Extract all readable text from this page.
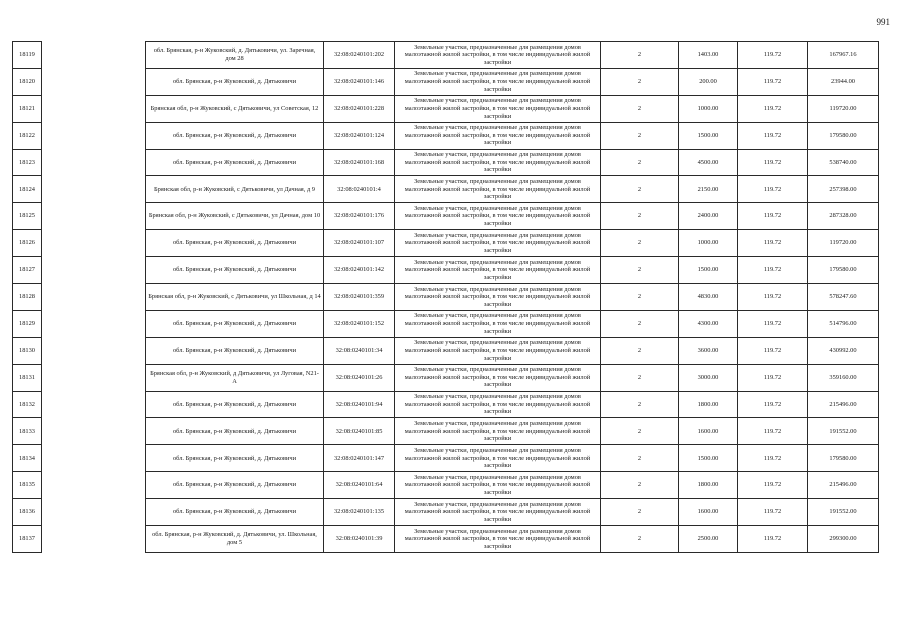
991
18119		обл. Брянская, р-н Жуковский, д. Дятьковичи, ул. Заречная, дом 28	32:08:0240101:202	Земельные участки, предназначенные для размещения домов малоэтажной жилой застройки, в том числе индивидуальной жилой застройки	2	1403.00	119.72	167967.16
18120		обл. Брянская, р-н Жуковский, д. Дятьковичи	32:08:0240101:146	Земельные участки, предназначенные для размещения домов малоэтажной жилой застройки, в том числе индивидуальной жилой застройки	2	200.00	119.72	23944.00
18121		Брянская обл, р-н Жуковский, с Дятьковичи, ул Советская, 12	32:08:0240101:228	Земельные участки, предназначенные для размещения домов малоэтажной жилой застройки, в том числе индивидуальной жилой застройки	2	1000.00	119.72	119720.00
18122		обл. Брянская, р-н Жуковский, д. Дятьковичи	32:08:0240101:124	Земельные участки, предназначенные для размещения домов малоэтажной жилой застройки, в том числе индивидуальной жилой застройки	2	1500.00	119.72	179580.00
18123		обл. Брянская, р-н Жуковский, д. Дятьковичи	32:08:0240101:168	Земельные участки, предназначенные для размещения домов малоэтажной жилой застройки, в том числе индивидуальной жилой застройки	2	4500.00	119.72	538740.00
18124		Брянская обл, р-н Жуковский, с Дятьковичи, ул Дачная, д 9	32:08:0240101:4	Земельные участки, предназначенные для размещения домов малоэтажной жилой застройки, в том числе индивидуальной жилой застройки	2	2150.00	119.72	257398.00
18125		Брянская обл, р-н Жуковский, с Дятьковичи, ул Дачная, дом 10	32:08:0240101:176	Земельные участки, предназначенные для размещения домов малоэтажной жилой застройки, в том числе индивидуальной жилой застройки	2	2400.00	119.72	287328.00
18126		обл. Брянская, р-н Жуковский, д. Дятьковичи	32:08:0240101:107	Земельные участки, предназначенные для размещения домов малоэтажной жилой застройки, в том числе индивидуальной жилой застройки	2	1000.00	119.72	119720.00
18127		обл. Брянская, р-н Жуковский, д. Дятьковичи	32:08:0240101:142	Земельные участки, предназначенные для размещения домов малоэтажной жилой застройки, в том числе индивидуальной жилой застройки	2	1500.00	119.72	179580.00
18128		Брянская обл, р-н Жуковский, с Дятьковичи, ул Школьная, д 14	32:08:0240101:359	Земельные участки, предназначенные для размещения домов малоэтажной жилой застройки, в том числе индивидуальной жилой застройки	2	4830.00	119.72	578247.60
18129		обл. Брянская, р-н Жуковский, д. Дятьковичи	32:08:0240101:152	Земельные участки, предназначенные для размещения домов малоэтажной жилой застройки, в том числе индивидуальной жилой застройки	2	4300.00	119.72	514796.00
18130		обл. Брянская, р-н Жуковский, д. Дятьковичи	32:08:0240101:34	Земельные участки, предназначенные для размещения домов малоэтажной жилой застройки, в том числе индивидуальной жилой застройки	2	3600.00	119.72	430992.00
18131		Брянская обл, р-н Жуковский, д Дятьковичи, ул Луговая, N21-А	32:08:0240101:26	Земельные участки, предназначенные для размещения домов малоэтажной жилой застройки, в том числе индивидуальной жилой застройки	2	3000.00	119.72	359160.00
18132		обл. Брянская, р-н Жуковский, д. Дятьковичи	32:08:0240101:94	Земельные участки, предназначенные для размещения домов малоэтажной жилой застройки, в том числе индивидуальной жилой застройки	2	1800.00	119.72	215496.00
18133		обл. Брянская, р-н Жуковский, д. Дятьковичи	32:08:0240101:85	Земельные участки, предназначенные для размещения домов малоэтажной жилой застройки, в том числе индивидуальной жилой застройки	2	1600.00	119.72	191552.00
18134		обл. Брянская, р-н Жуковский, д. Дятьковичи	32:08:0240101:147	Земельные участки, предназначенные для размещения домов малоэтажной жилой застройки, в том числе индивидуальной жилой застройки	2	1500.00	119.72	179580.00
18135		обл. Брянская, р-н Жуковский, д. Дятьковичи	32:08:0240101:64	Земельные участки, предназначенные для размещения домов малоэтажной жилой застройки, в том числе индивидуальной жилой застройки	2	1800.00	119.72	215496.00
18136		обл. Брянская, р-н Жуковский, д. Дятьковичи	32:08:0240101:135	Земельные участки, предназначенные для размещения домов малоэтажной жилой застройки, в том числе индивидуальной жилой застройки	2	1600.00	119.72	191552.00
18137		обл. Брянская, р-н Жуковский, д. Дятьковичи, ул. Школьная, дом 5	32:08:0240101:39	Земельные участки, предназначенные для размещения домов малоэтажной жилой застройки, в том числе индивидуальной жилой застройки	2	2500.00	119.72	299300.00
